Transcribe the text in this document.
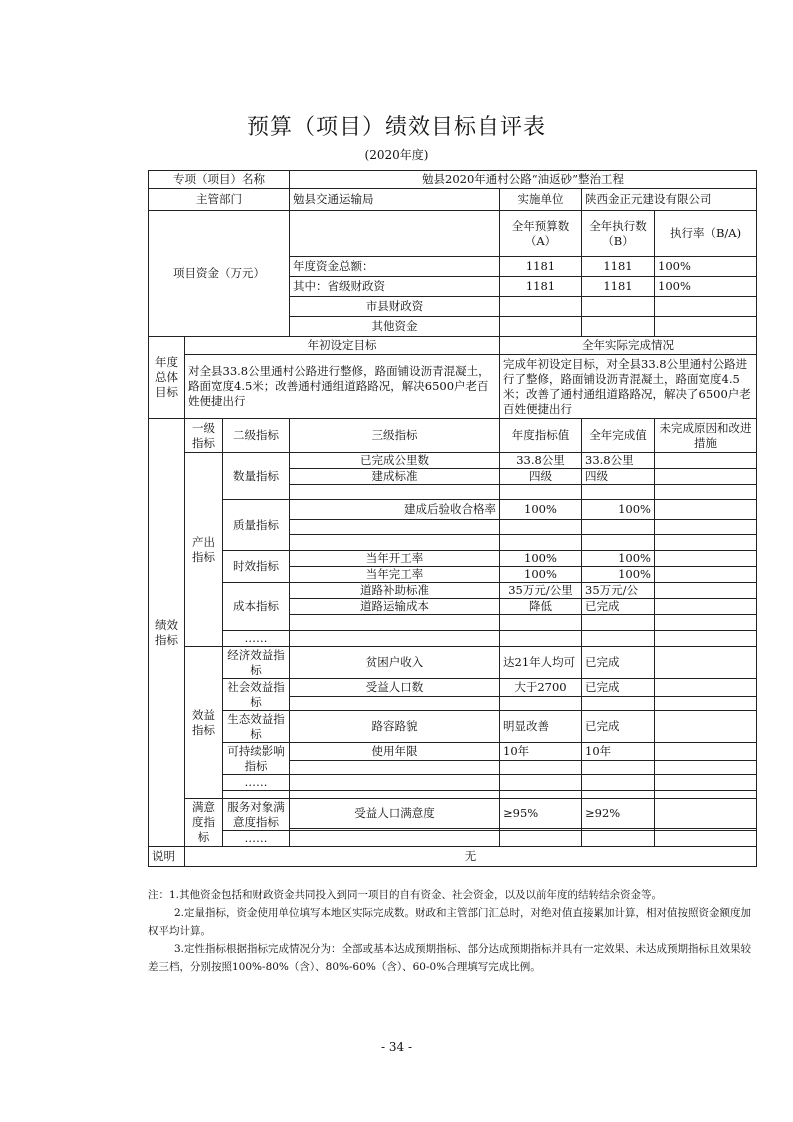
预算（项目）绩效目标自评表
(2020年度)
专项（项目）名称			勉县2020年通村公路“油返砂”整治工程			
主管部门			勉县交通运输局	实施单位	陕西金正元建设有限公司	
项目资金（万元）				全年预算数（A）	全年执行数（B）	执行率（B/A)
			年度资金总额：	1181	1181	100%
			其中：省级财政资	1181	1181	100%
			市县财政资			
			其他资金			
年度总体目标	年初设定目标			全年实际完成情况		
	对全县33.8公里通村公路进行整修，路面铺设沥青混凝土，路面宽度4.5米；改善通村通组道路路况，解决6500户老百姓便捷出行			完成年初设定目标，对全县33.8公里通村公路进行了整修，路面铺设沥青混凝土，路面宽度4.5米；改善了通村通组道路路况，解决了6500户老百姓便捷出行		
绩效指标	一级指标	二级指标	三级指标	年度指标值	全年完成值	未完成原因和改进措施
	产出指标	数量指标	已完成公里数	33.8公里	33.8公里	
			建成标准	四级	四级	

		质量指标	建成后验收合格率	100%	100%	

		时效指标	当年开工率	100%	100%	
			当年完工率	100%	100%	
		成本指标	道路补助标准	35万元/公里	35万元/公	
			道路运输成本	降低	已完成	

		……				
	效益指标	经济效益指标	贫困户收入	达21年人均可	已完成	
		社会效益指标	受益人口数	大于2700	已完成	

		生态效益指标	路容路貌	明显改善	已完成	
		可持续影响指标	使用年限	10年	10年	

		……				

	满意度指标	服务对象满意度指标	受益人口满意度	≥95%	≥92%	

		……				
说明	无					

注：1.其他资金包括和财政资金共同投入到同一项目的自有资金、社会资金，以及以前年度的结转结余资金等。

2.定量指标，资金使用单位填写本地区实际完成数。财政和主管部门汇总时，对绝对值直接累加计算，相对值按照资金额度加权平均计算。

3.定性指标根据指标完成情况分为：全部或基本达成预期指标、部分达成预期指标并具有一定效果、未达成预期指标且效果较差三档，分别按照100%-80%（含）、80%-60%（含）、60-0%合理填写完成比例。

- 34 -
